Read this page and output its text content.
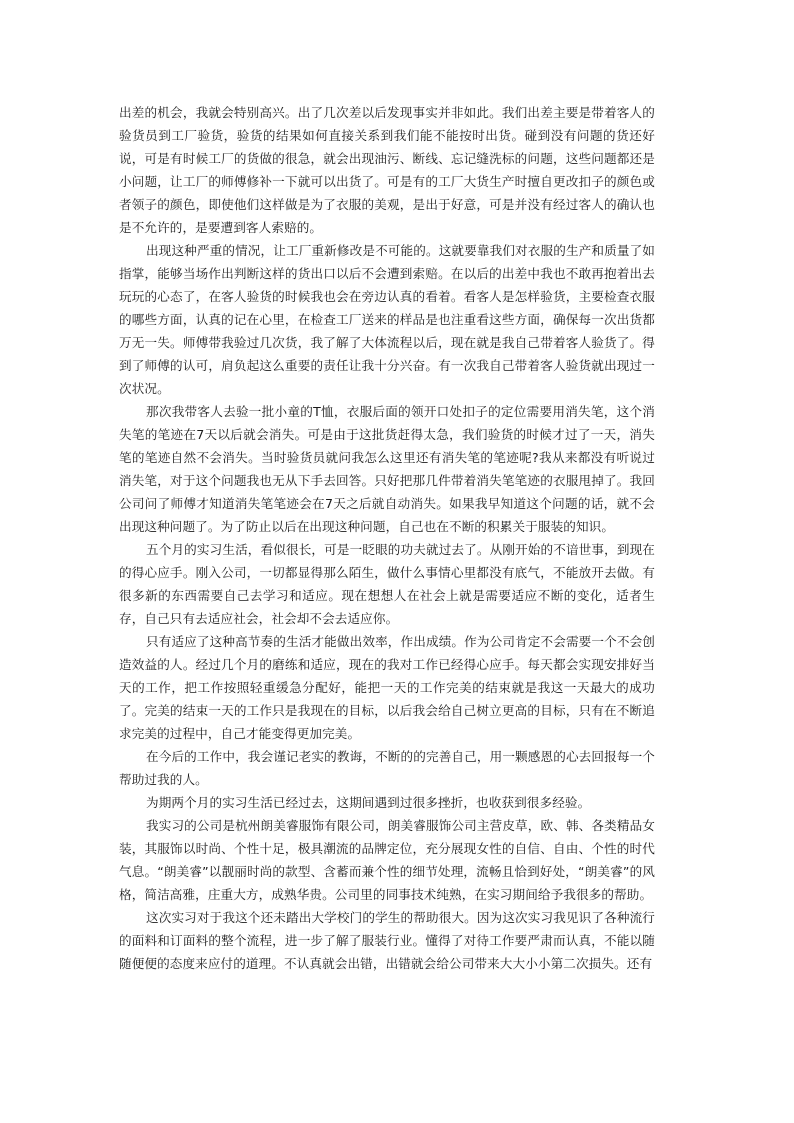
出差的机会，我就会特别高兴。出了几次差以后发现事实并非如此。我们出差主要是带着客人的验货员到工厂验货，验货的结果如何直接关系到我们能不能按时出货。碰到没有问题的货还好说，可是有时候工厂的货做的很急，就会出现油污、断线、忘记缝洗标的问题，这些问题都还是小问题，让工厂的师傅修补一下就可以出货了。可是有的工厂大货生产时擅自更改扣子的颜色或者领子的颜色，即使他们这样做是为了衣服的美观，是出于好意，可是并没有经过客人的确认也是不允许的，是要遭到客人索赔的。

出现这种严重的情况，让工厂重新修改是不可能的。这就要靠我们对衣服的生产和质量了如指掌，能够当场作出判断这样的货出口以后不会遭到索赔。在以后的出差中我也不敢再抱着出去玩玩的心态了，在客人验货的时候我也会在旁边认真的看着。看客人是怎样验货，主要检查衣服的哪些方面，认真的记在心里，在检查工厂送来的样品是也注重看这些方面，确保每一次出货都万无一失。师傅带我验过几次货，我了解了大体流程以后，现在就是我自己带着客人验货了。得到了师傅的认可，肩负起这么重要的责任让我十分兴奋。有一次我自己带着客人验货就出现过一次状况。

那次我带客人去验一批小童的T恤，衣服后面的领开口处扣子的定位需要用消失笔，这个消失笔的笔迹在7天以后就会消失。可是由于这批货赶得太急，我们验货的时候才过了一天，消失笔的笔迹自然不会消失。当时验货员就问我怎么这里还有消失笔的笔迹呢?我从来都没有听说过消失笔，对于这个问题我也无从下手去回答。只好把那几件带着消失笔笔迹的衣服甩掉了。我回公司问了师傅才知道消失笔笔迹会在7天之后就自动消失。如果我早知道这个问题的话，就不会出现这种问题了。为了防止以后在出现这种问题，自己也在不断的积累关于服装的知识。

五个月的实习生活，看似很长，可是一眨眼的功夫就过去了。从刚开始的不谙世事，到现在的得心应手。刚入公司，一切都显得那么陌生，做什么事情心里都没有底气，不能放开去做。有很多新的东西需要自己去学习和适应。现在想想人在社会上就是需要适应不断的变化，适者生存，自己只有去适应社会，社会却不会去适应你。

只有适应了这种高节奏的生活才能做出效率，作出成绩。作为公司肯定不会需要一个不会创造效益的人。经过几个月的磨练和适应，现在的我对工作已经得心应手。每天都会实现安排好当天的工作，把工作按照轻重缓急分配好，能把一天的工作完美的结束就是我这一天最大的成功了。完美的结束一天的工作只是我现在的目标，以后我会给自己树立更高的目标，只有在不断追求完美的过程中，自己才能变得更加完美。

在今后的工作中，我会谨记老实的教诲，不断的的完善自己，用一颗感恩的心去回报每一个帮助过我的人。

为期两个月的实习生活已经过去，这期间遇到过很多挫折，也收获到很多经验。

我实习的公司是杭州朗美睿服饰有限公司，朗美睿服饰公司主营皮草，欧、韩、各类精品女装，其服饰以时尚、个性十足，极具潮流的品牌定位，充分展现女性的自信、自由、个性的时代气息。“朗美睿”以靓丽时尚的款型、含蓄而兼个性的细节处理，流畅且恰到好处，“朗美睿”的风格，简洁高雅，庄重大方，成熟华贵。公司里的同事技术纯熟，在实习期间给予我很多的帮助。

这次实习对于我这个还未踏出大学校门的学生的帮助很大。因为这次实习我见识了各种流行的面料和订面料的整个流程，进一步了解了服装行业。懂得了对待工作要严肃而认真，不能以随随便便的态度来应付的道理。不认真就会出错，出错就会给公司带来大大小小第二次损失。还有
